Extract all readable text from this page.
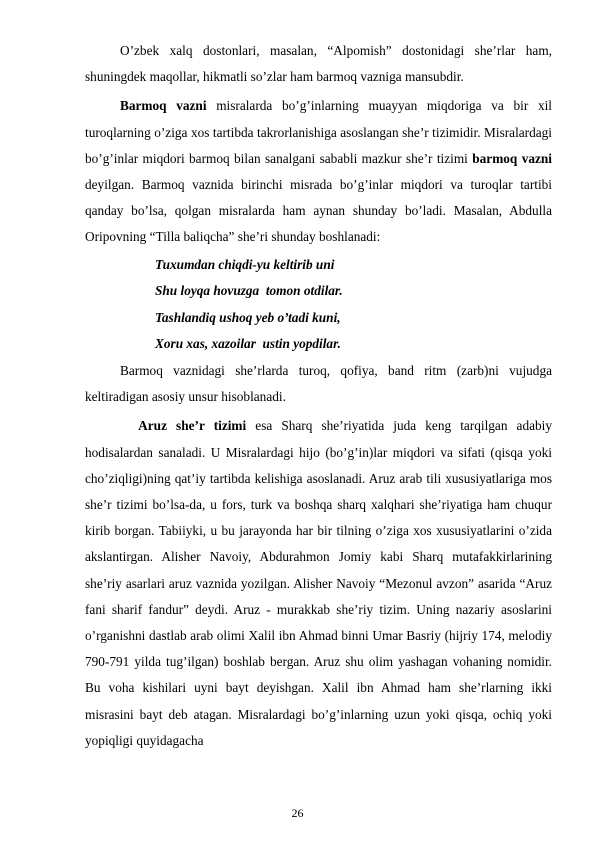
O’zbek xalq dostonlari, masalan, “Alpomish” dostonidagi she’rlar ham, shuningdek maqollar, hikmatli so’zlar ham barmoq vazniga mansubdir.

Barmoq vazni misralarda bo’g’inlarning muayyan miqdoriga va bir xil turoqlarning o’ziga xos tartibda takrorlanishiga asoslangan she’r tizimidir. Misralardagi bo’g’inlar miqdori barmoq bilan sanalgani sababli mazkur she’r tizimi barmoq vazni deyilgan. Barmoq vaznida birinchi misrada bo’g’inlar miqdori va turoqlar tartibi qanday bo’lsa, qolgan misralarda ham aynan shunday bo’ladi. Masalan, Abdulla Oripovning “Tilla baliqcha” she’ri shunday boshlanadi:

Tuxumdan chiqdi-yu keltirib uni
Shu loyqa hovuzga  tomon otdilar.
Tashlandiq ushoq yeb o’tadi kuni,
Xoru xas, xazoilar  ustin yopdilar.

Barmoq vaznidagi she’rlarda turoq, qofiya, band ritm (zarb)ni vujudga keltiradigan asosiy unsur hisoblanadi.

Aruz she’r tizimi esa Sharq she’riyatida juda keng tarqilgan adabiy hodisalardan sanaladi. U Misralardagi hijo (bo’g’in)lar miqdori va sifati (qisqa yoki cho’ziqligi)ning qat’iy tartibda kelishiga asoslanadi. Aruz arab tili xususiyatlariga mos she’r tizimi bo’lsa-da, u fors, turk va boshqa sharq xalqhari she’riyatiga ham chuqur kirib borgan. Tabiiyki, u bu jarayonda har bir tilning o’ziga xos xususiyatlarini o’zida akslantirgan. Alisher Navoiy, Abdurahmon Jomiy kabi Sharq mutafakkirlarining she’riy asarlari aruz vaznida yozilgan. Alisher Navoiy “Mezonul avzon” asarida “Aruz fani sharif fandur” deydi. Aruz - murakkab she’riy tizim. Uning nazariy asoslarini o’rganishni dastlab arab olimi Xalil ibn Ahmad binni Umar Basriy (hijriy 174, melodiy 790-791 yilda tug’ilgan) boshlab bergan. Aruz shu olim yashagan vohaning nomidir. Bu voha kishilari uyni bayt deyishgan. Xalil ibn Ahmad ham she’rlarning ikki misrasini bayt deb atagan. Misralardagi bo’g’inlarning uzun yoki qisqa, ochiq yoki yopiqligi quyidagacha

26
